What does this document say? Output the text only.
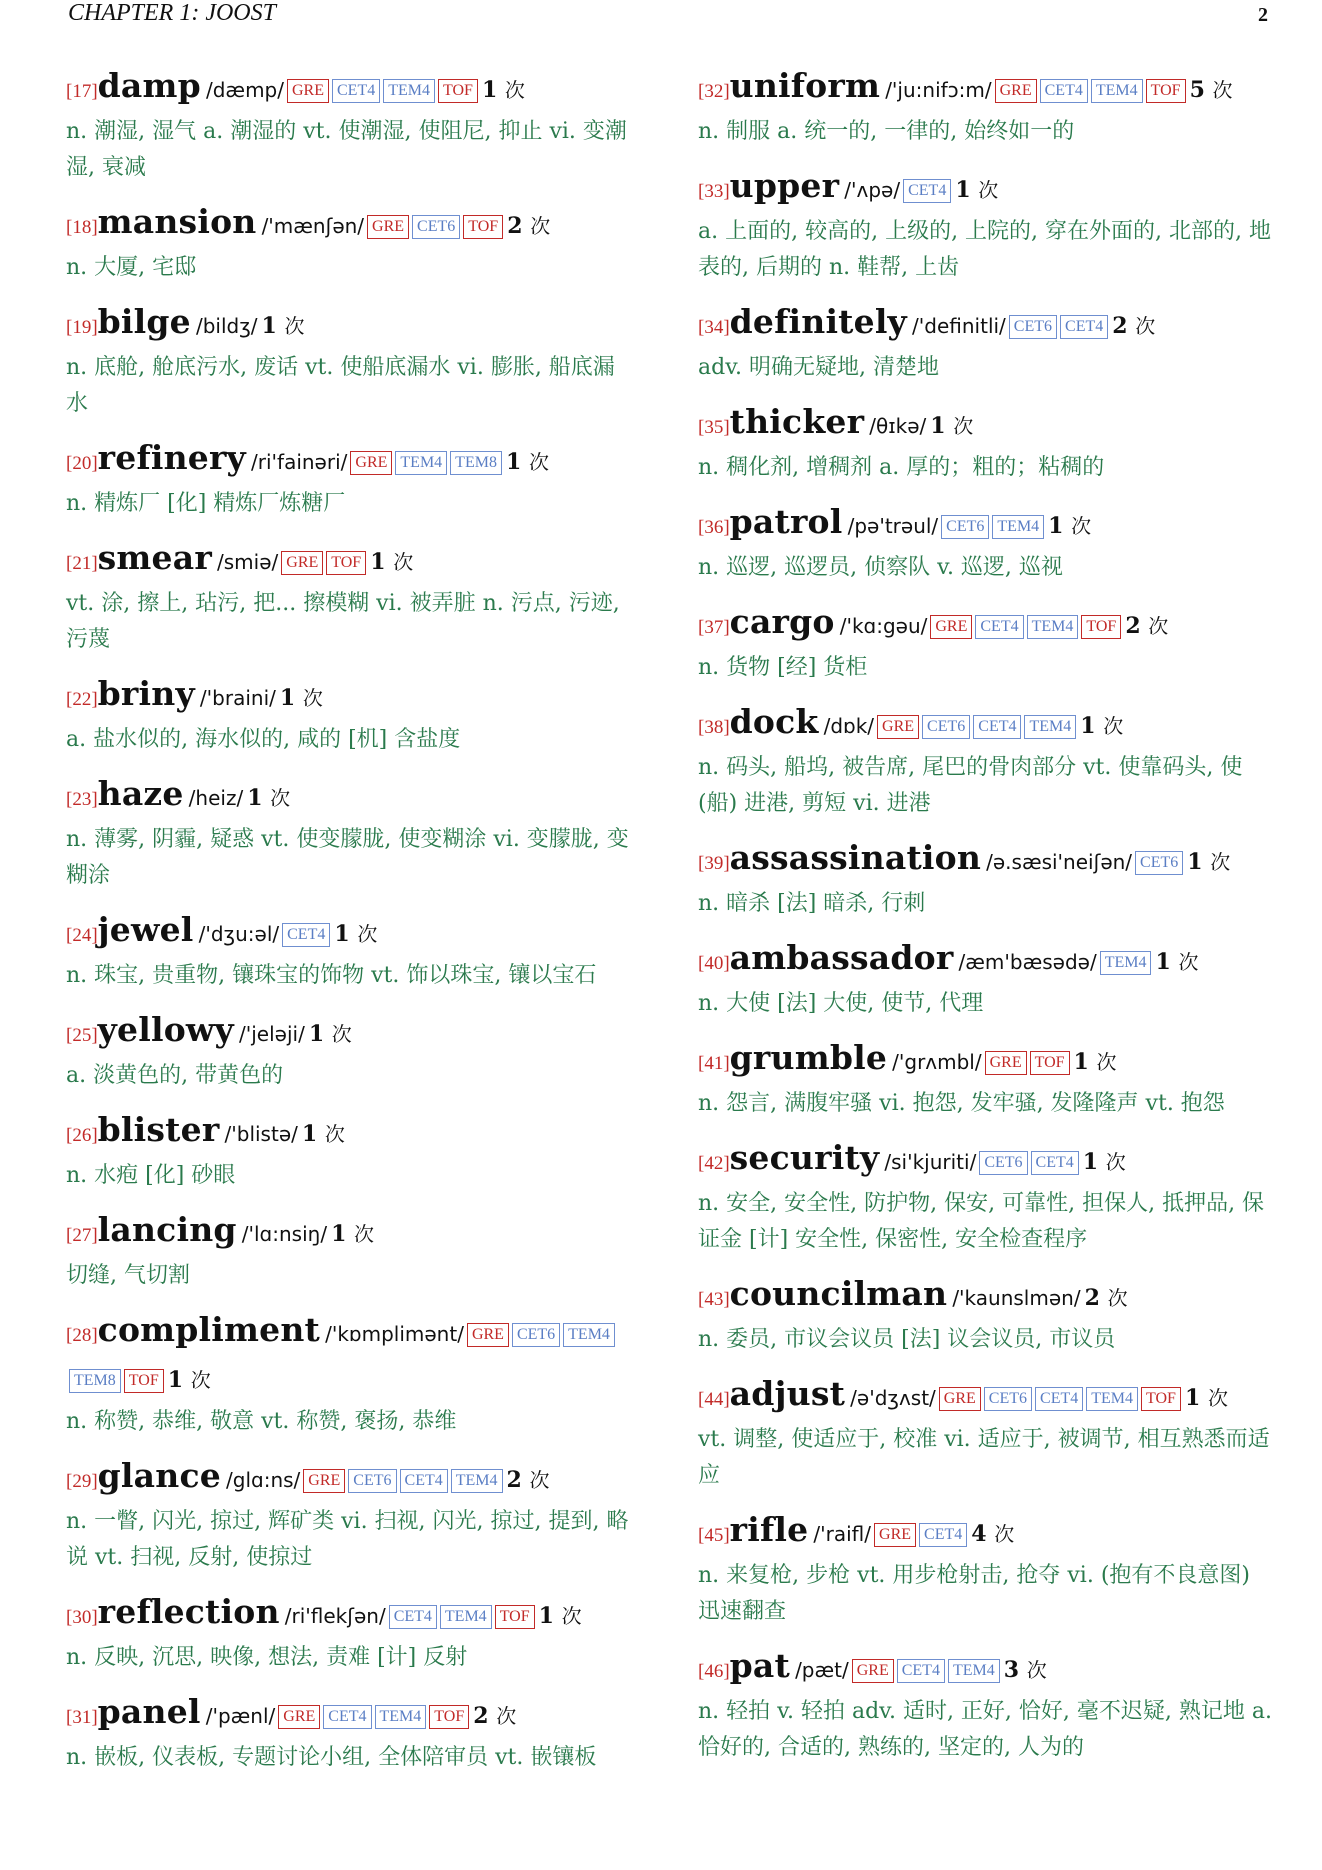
CHAPTER 1: JOOST	2
[17]damp /dæmp/ GRE CET4 TEM4 TOF 1 次
n. 潮湿, 湿气 a. 潮湿的 vt. 使潮湿, 使阻尼, 抑止 vi. 变潮湿, 衰减
[18]mansion /'mænʃən/ GRE CET6 TOF 2 次
n. 大厦, 宅邸
[19]bilge /bildʒ/ 1 次
n. 底舱, 舱底污水, 废话 vt. 使船底漏水 vi. 膨胀, 船底漏水
[20]refinery /ri'fainəri/ GRE TEM4 TEM8 1 次
n. 精炼厂 [化] 精炼厂炼糖厂
[21]smear /smiə/ GRE TOF 1 次
vt. 涂, 擦上, 玷污, 把... 擦模糊 vi. 被弄脏 n. 污点, 污迹, 污蔑
[22]briny /'braini/ 1 次
a. 盐水似的, 海水似的, 咸的 [机] 含盐度
[23]haze /heiz/ 1 次
n. 薄雾, 阴霾, 疑惑 vt. 使变朦胧, 使变糊涂 vi. 变朦胧, 变糊涂
[24]jewel /'dʒu:əl/ CET4 1 次
n. 珠宝, 贵重物, 镶珠宝的饰物 vt. 饰以珠宝, 镶以宝石
[25]yellowy /'jeləji/ 1 次
a. 淡黄色的, 带黄色的
[26]blister /'blistə/ 1 次
n. 水疱 [化] 砂眼
[27]lancing /'lɑ:nsiŋ/ 1 次
切缝, 气切割
[28]compliment /'kɒmplimənt/ GRE CET6 TEM4TEM8 TOF 1 次
n. 称赞, 恭维, 敬意 vt. 称赞, 褒扬, 恭维
[29]glance /glɑ:ns/ GRE CET6 CET4 TEM4 2 次
n. 一瞥, 闪光, 掠过, 辉矿类 vi. 扫视, 闪光, 掠过, 提到, 略说 vt. 扫视, 反射, 使掠过
[30]reflection /ri'flekʃən/ CET4 TEM4 TOF 1 次
n. 反映, 沉思, 映像, 想法, 责难 [计] 反射
[31]panel /'pænl/ GRE CET4 TEM4 TOF 2 次
n. 嵌板, 仪表板, 专题讨论小组, 全体陪审员 vt. 嵌镶板
[32]uniform /'ju:nifɔ:m/ GRE CET4 TEM4 TOF 5 次
n. 制服 a. 统一的, 一律的, 始终如一的
[33]upper /'ʌpə/ CET4 1 次
a. 上面的, 较高的, 上级的, 上院的, 穿在外面的, 北部的, 地表的, 后期的 n. 鞋帮, 上齿
[34]definitely /'definitli/ CET6 CET4 2 次
adv. 明确无疑地, 清楚地
[35]thicker /θɪkə/ 1 次
n. 稠化剂, 增稠剂 a. 厚的；粗的；粘稠的
[36]patrol /pə'trəul/ CET6 TEM4 1 次
n. 巡逻, 巡逻员, 侦察队 v. 巡逻, 巡视
[37]cargo /'kɑ:gəu/ GRE CET4 TEM4 TOF 2 次
n. 货物 [经] 货柜
[38]dock /dɒk/ GRE CET6 CET4 TEM4 1 次
n. 码头, 船坞, 被告席, 尾巴的骨肉部分 vt. 使靠码头, 使 (船) 进港, 剪短 vi. 进港
[39]assassination /ə.sæsi'neiʃən/ CET6 1 次
n. 暗杀 [法] 暗杀, 行刺
[40]ambassador /æm'bæsədə/ TEM4 1 次
n. 大使 [法] 大使, 使节, 代理
[41]grumble /'grʌmbl/ GRE TOF 1 次
n. 怨言, 满腹牢骚 vi. 抱怨, 发牢骚, 发隆隆声 vt. 抱怨
[42]security /si'kjuriti/ CET6 CET4 1 次
n. 安全, 安全性, 防护物, 保安, 可靠性, 担保人, 抵押品, 保证金 [计] 安全性, 保密性, 安全检查程序
[43]councilman /'kaunslmən/ 2 次
n. 委员, 市议会议员 [法] 议会议员, 市议员
[44]adjust /ə'dʒʌst/ GRE CET6 CET4 TEM4 TOF 1 次
vt. 调整, 使适应于, 校准 vi. 适应于, 被调节, 相互熟悉而适应
[45]rifle /'raifl/ GRE CET4 4 次
n. 来复枪, 步枪 vt. 用步枪射击, 抢夺 vi. (抱有不良意图) 迅速翻查
[46]pat /pæt/ GRE CET4 TEM4 3 次
n. 轻拍 v. 轻拍 adv. 适时, 正好, 恰好, 毫不迟疑, 熟记地 a. 恰好的, 合适的, 熟练的, 坚定的, 人为的
